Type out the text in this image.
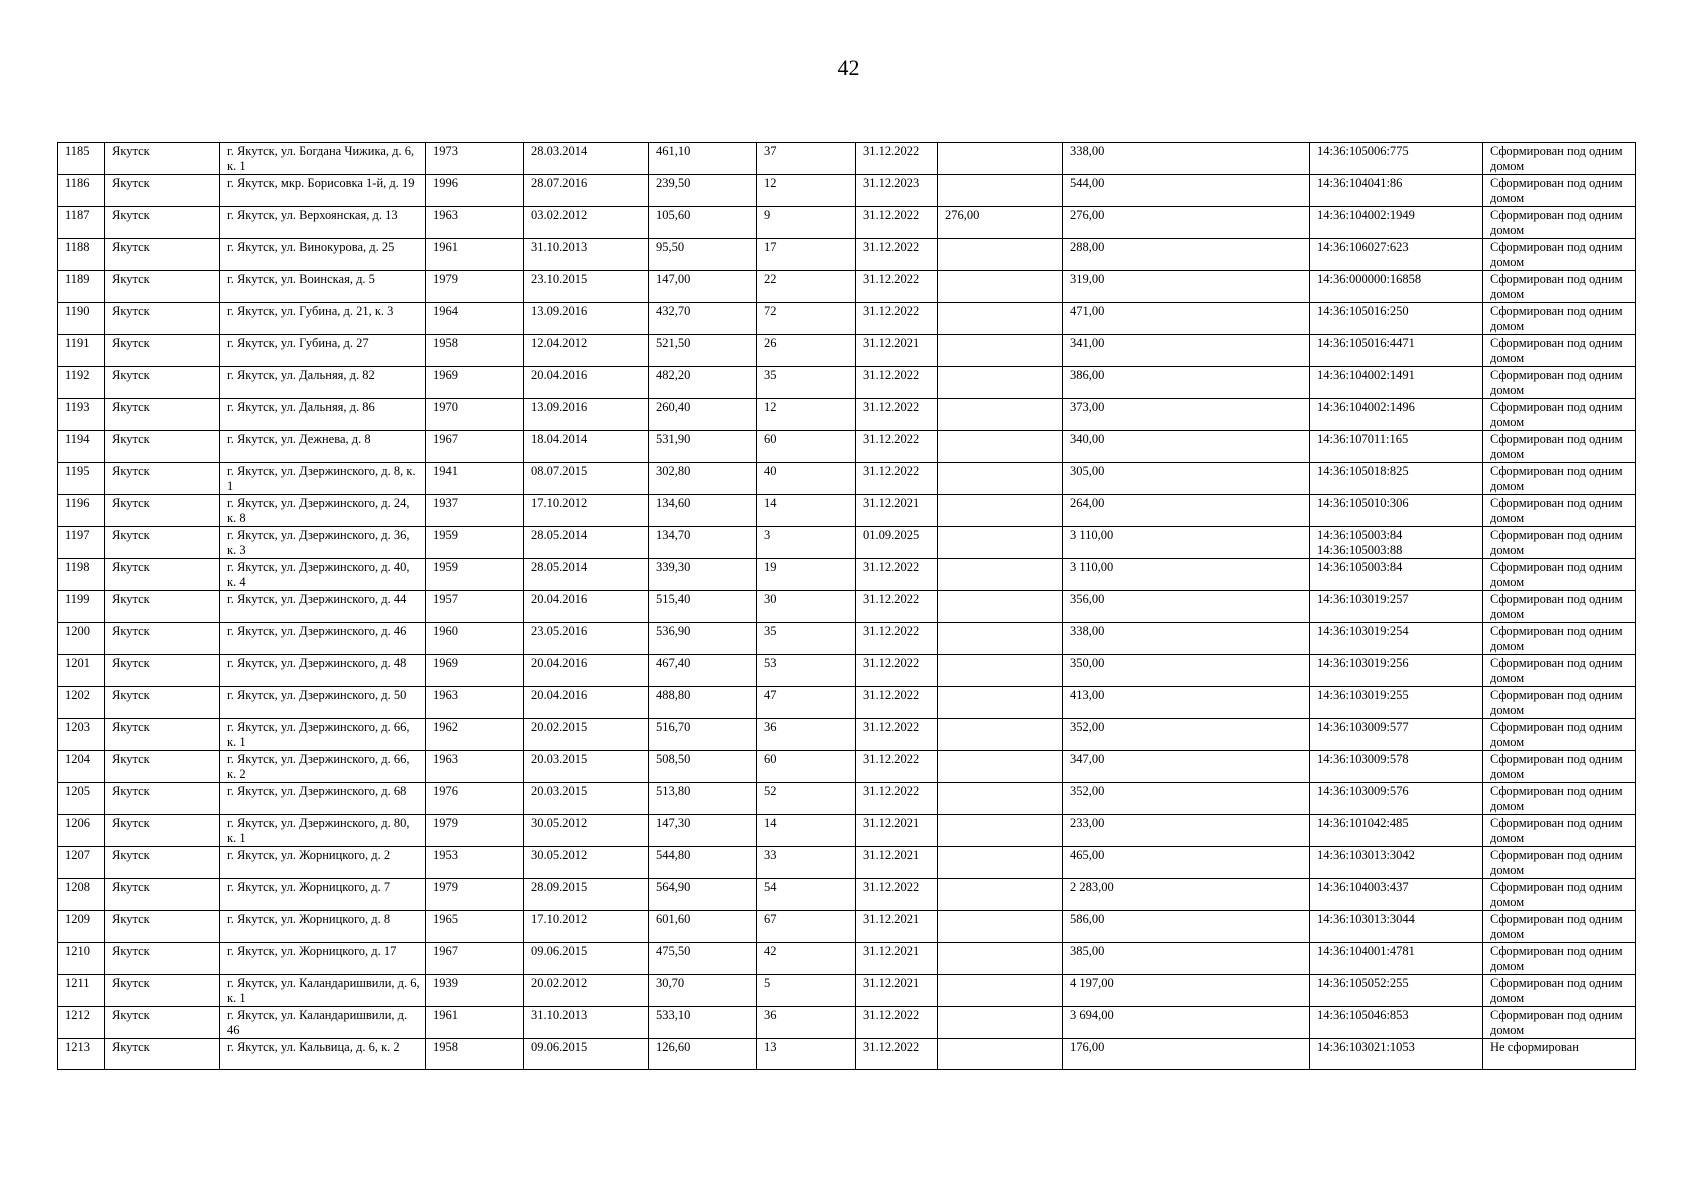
42
1185	Якутск	г. Якутск, ул. Богдана Чижика, д. 6, к. 1	1973	28.03.2014	461,10	37	31.12.2022		338,00	14:36:105006:775	Сформирован под одним домом
1186	Якутск	г. Якутск, мкр. Борисовка 1-й, д. 19	1996	28.07.2016	239,50	12	31.12.2023		544,00	14:36:104041:86	Сформирован под одним домом
1187	Якутск	г. Якутск, ул. Верхоянская, д. 13	1963	03.02.2012	105,60	9	31.12.2022	276,00	276,00	14:36:104002:1949	Сформирован под одним домом
1188	Якутск	г. Якутск, ул. Винокурова, д. 25	1961	31.10.2013	95,50	17	31.12.2022		288,00	14:36:106027:623	Сформирован под одним домом
1189	Якутск	г. Якутск, ул. Воинская, д. 5	1979	23.10.2015	147,00	22	31.12.2022		319,00	14:36:000000:16858	Сформирован под одним домом
1190	Якутск	г. Якутск, ул. Губина, д. 21, к. 3	1964	13.09.2016	432,70	72	31.12.2022		471,00	14:36:105016:250	Сформирован под одним домом
1191	Якутск	г. Якутск, ул. Губина, д. 27	1958	12.04.2012	521,50	26	31.12.2021		341,00	14:36:105016:4471	Сформирован под одним домом
1192	Якутск	г. Якутск, ул. Дальняя, д. 82	1969	20.04.2016	482,20	35	31.12.2022		386,00	14:36:104002:1491	Сформирован под одним домом
1193	Якутск	г. Якутск, ул. Дальняя, д. 86	1970	13.09.2016	260,40	12	31.12.2022		373,00	14:36:104002:1496	Сформирован под одним домом
1194	Якутск	г. Якутск, ул. Дежнева, д. 8	1967	18.04.2014	531,90	60	31.12.2022		340,00	14:36:107011:165	Сформирован под одним домом
1195	Якутск	г. Якутск, ул. Дзержинского, д. 8, к. 1	1941	08.07.2015	302,80	40	31.12.2022		305,00	14:36:105018:825	Сформирован под одним домом
1196	Якутск	г. Якутск, ул. Дзержинского, д. 24, к. 8	1937	17.10.2012	134,60	14	31.12.2021		264,00	14:36:105010:306	Сформирован под одним домом
1197	Якутск	г. Якутск, ул. Дзержинского, д. 36, к. 3	1959	28.05.2014	134,70	3	01.09.2025		3 110,00	14:36:105003:84 14:36:105003:88	Сформирован под одним домом
1198	Якутск	г. Якутск, ул. Дзержинского, д. 40, к. 4	1959	28.05.2014	339,30	19	31.12.2022		3 110,00	14:36:105003:84	Сформирован под одним домом
1199	Якутск	г. Якутск, ул. Дзержинского, д. 44	1957	20.04.2016	515,40	30	31.12.2022		356,00	14:36:103019:257	Сформирован под одним домом
1200	Якутск	г. Якутск, ул. Дзержинского, д. 46	1960	23.05.2016	536,90	35	31.12.2022		338,00	14:36:103019:254	Сформирован под одним домом
1201	Якутск	г. Якутск, ул. Дзержинского, д. 48	1969	20.04.2016	467,40	53	31.12.2022		350,00	14:36:103019:256	Сформирован под одним домом
1202	Якутск	г. Якутск, ул. Дзержинского, д. 50	1963	20.04.2016	488,80	47	31.12.2022		413,00	14:36:103019:255	Сформирован под одним домом
1203	Якутск	г. Якутск, ул. Дзержинского, д. 66, к. 1	1962	20.02.2015	516,70	36	31.12.2022		352,00	14:36:103009:577	Сформирован под одним домом
1204	Якутск	г. Якутск, ул. Дзержинского, д. 66, к. 2	1963	20.03.2015	508,50	60	31.12.2022		347,00	14:36:103009:578	Сформирован под одним домом
1205	Якутск	г. Якутск, ул. Дзержинского, д. 68	1976	20.03.2015	513,80	52	31.12.2022		352,00	14:36:103009:576	Сформирован под одним домом
1206	Якутск	г. Якутск, ул. Дзержинского, д. 80, к. 1	1979	30.05.2012	147,30	14	31.12.2021		233,00	14:36:101042:485	Сформирован под одним домом
1207	Якутск	г. Якутск, ул. Жорницкого, д. 2	1953	30.05.2012	544,80	33	31.12.2021		465,00	14:36:103013:3042	Сформирован под одним домом
1208	Якутск	г. Якутск, ул. Жорницкого, д. 7	1979	28.09.2015	564,90	54	31.12.2022		2 283,00	14:36:104003:437	Сформирован под одним домом
1209	Якутск	г. Якутск, ул. Жорницкого, д. 8	1965	17.10.2012	601,60	67	31.12.2021		586,00	14:36:103013:3044	Сформирован под одним домом
1210	Якутск	г. Якутск, ул. Жорницкого, д. 17	1967	09.06.2015	475,50	42	31.12.2021		385,00	14:36:104001:4781	Сформирован под одним домом
1211	Якутск	г. Якутск, ул. Каландаришвили, д. 6, к. 1	1939	20.02.2012	30,70	5	31.12.2021		4 197,00	14:36:105052:255	Сформирован под одним домом
1212	Якутск	г. Якутск, ул. Каландаришвили, д. 46	1961	31.10.2013	533,10	36	31.12.2022		3 694,00	14:36:105046:853	Сформирован под одним домом
1213	Якутск	г. Якутск, ул. Кальвица, д. 6, к. 2	1958	09.06.2015	126,60	13	31.12.2022		176,00	14:36:103021:1053	Не сформирован
